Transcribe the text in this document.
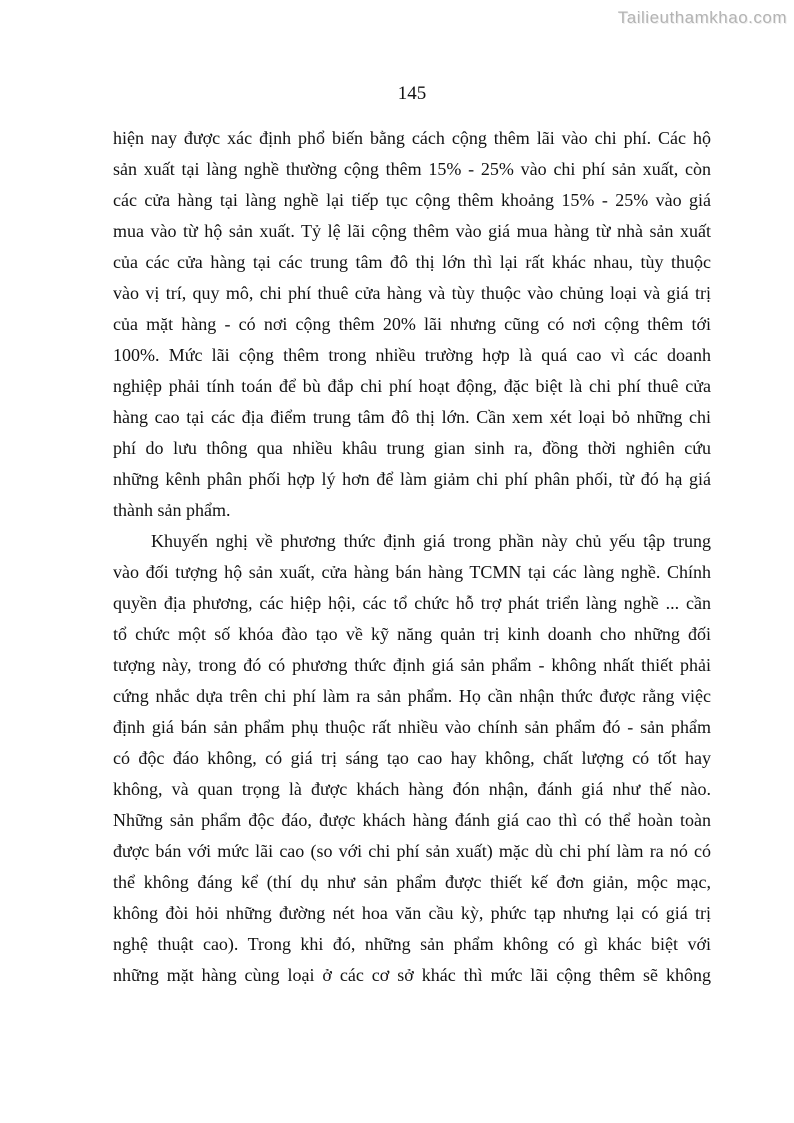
Tailieuthamkhao.com
145
hiện nay được xác định phổ biến bằng cách cộng thêm lãi vào chi phí. Các hộ
sản xuất tại làng nghề thường cộng thêm 15% - 25% vào chi phí sản xuất, còn
các cửa hàng tại làng nghề lại tiếp tục cộng thêm khoảng 15% - 25% vào giá
mua vào từ hộ sản xuất. Tỷ lệ lãi cộng thêm vào giá mua hàng từ nhà sản xuất
của các cửa hàng tại các trung tâm đô thị lớn thì lại rất khác nhau, tùy thuộc
vào vị trí, quy mô, chi phí thuê cửa hàng và tùy thuộc vào chủng loại và giá trị
của mặt hàng - có nơi cộng thêm 20% lãi nhưng cũng có nơi cộng thêm tới
100%. Mức lãi cộng thêm trong nhiều trường hợp là quá cao vì các doanh
nghiệp phải tính toán để bù đắp chi phí hoạt động, đặc biệt là chi phí thuê cửa
hàng cao tại các địa điểm trung tâm đô thị lớn. Cần xem xét loại bỏ những chi
phí do lưu thông qua nhiều khâu trung gian sinh ra, đồng thời nghiên cứu
những kênh phân phối hợp lý hơn để làm giảm chi phí phân phối, từ đó hạ giá
thành sản phẩm.
Khuyến nghị về phương thức định giá trong phần này chủ yếu tập trung
vào đối tượng hộ sản xuất, cửa hàng bán hàng TCMN tại các làng nghề. Chính
quyền địa phương, các hiệp hội, các tổ chức hỗ trợ phát triển làng nghề ... cần
tổ chức một số khóa đào tạo về kỹ năng quản trị kinh doanh cho những đối
tượng này, trong đó có phương thức định giá sản phẩm - không nhất thiết phải
cứng nhắc dựa trên chi phí làm ra sản phẩm. Họ cần nhận thức được rằng việc
định giá bán sản phẩm phụ thuộc rất nhiều vào chính sản phẩm đó - sản phẩm
có độc đáo không, có giá trị sáng tạo cao hay không, chất lượng có tốt hay
không, và quan trọng là được khách hàng đón nhận, đánh giá như thế nào.
Những sản phẩm độc đáo, được khách hàng đánh giá cao thì có thể hoàn toàn
được bán với mức lãi cao (so với chi phí sản xuất) mặc dù chi phí làm ra nó có
thể không đáng kể (thí dụ như sản phẩm được thiết kế đơn giản, mộc mạc,
không đòi hỏi những đường nét hoa văn cầu kỳ, phức tạp nhưng lại có giá trị
nghệ thuật cao). Trong khi đó, những sản phẩm không có gì khác biệt với
những mặt hàng cùng loại ở các cơ sở khác thì mức lãi cộng thêm sẽ không
